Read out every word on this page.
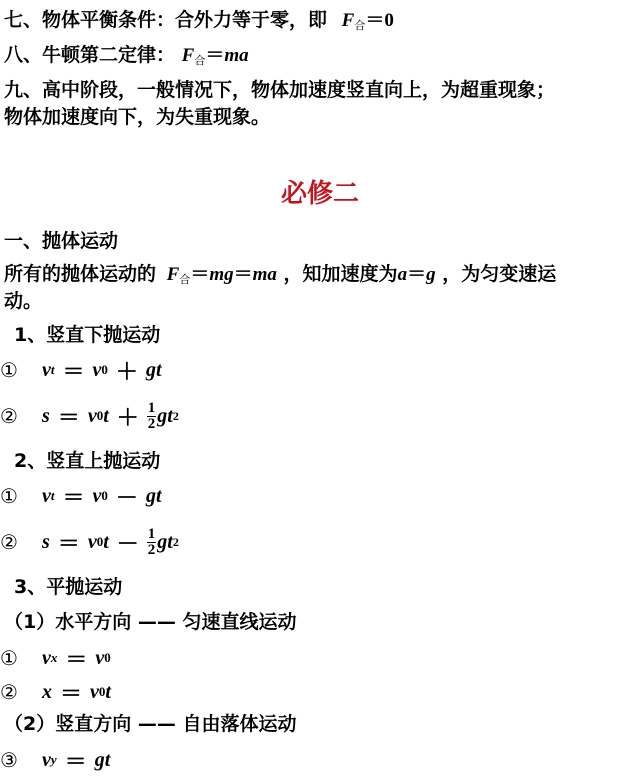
七、物体平衡条件：合外力等于零，即 $F_合=0$
八、牛顿第二定律： $F_合=ma$
九、高中阶段，一般情况下，物体加速度竖直向上，为超重现象；
物体加速度向下，为失重现象。
必修二
一、抛体运动
所有的抛体运动的 $F_合=mg=ma$ ，知加速度为a＝g ，为匀变速运
动。
1、竖直下抛运动
①	v t ＝ v 0 ＋ gt
②	s ＝ v 0 $t + \frac{1}{2}$ gt 2
2、竖直上抛运动
①	v t ＝ v 0 － gt
②	s ＝ v 0 $t - \frac{1}{2}$ gt 2
3、平抛运动
（1）水平方向 —— 匀速直线运动
①	v x ＝ v 0
②	x ＝ v 0 t
（2）竖直方向 —— 自由落体运动
③	v y ＝ gt
